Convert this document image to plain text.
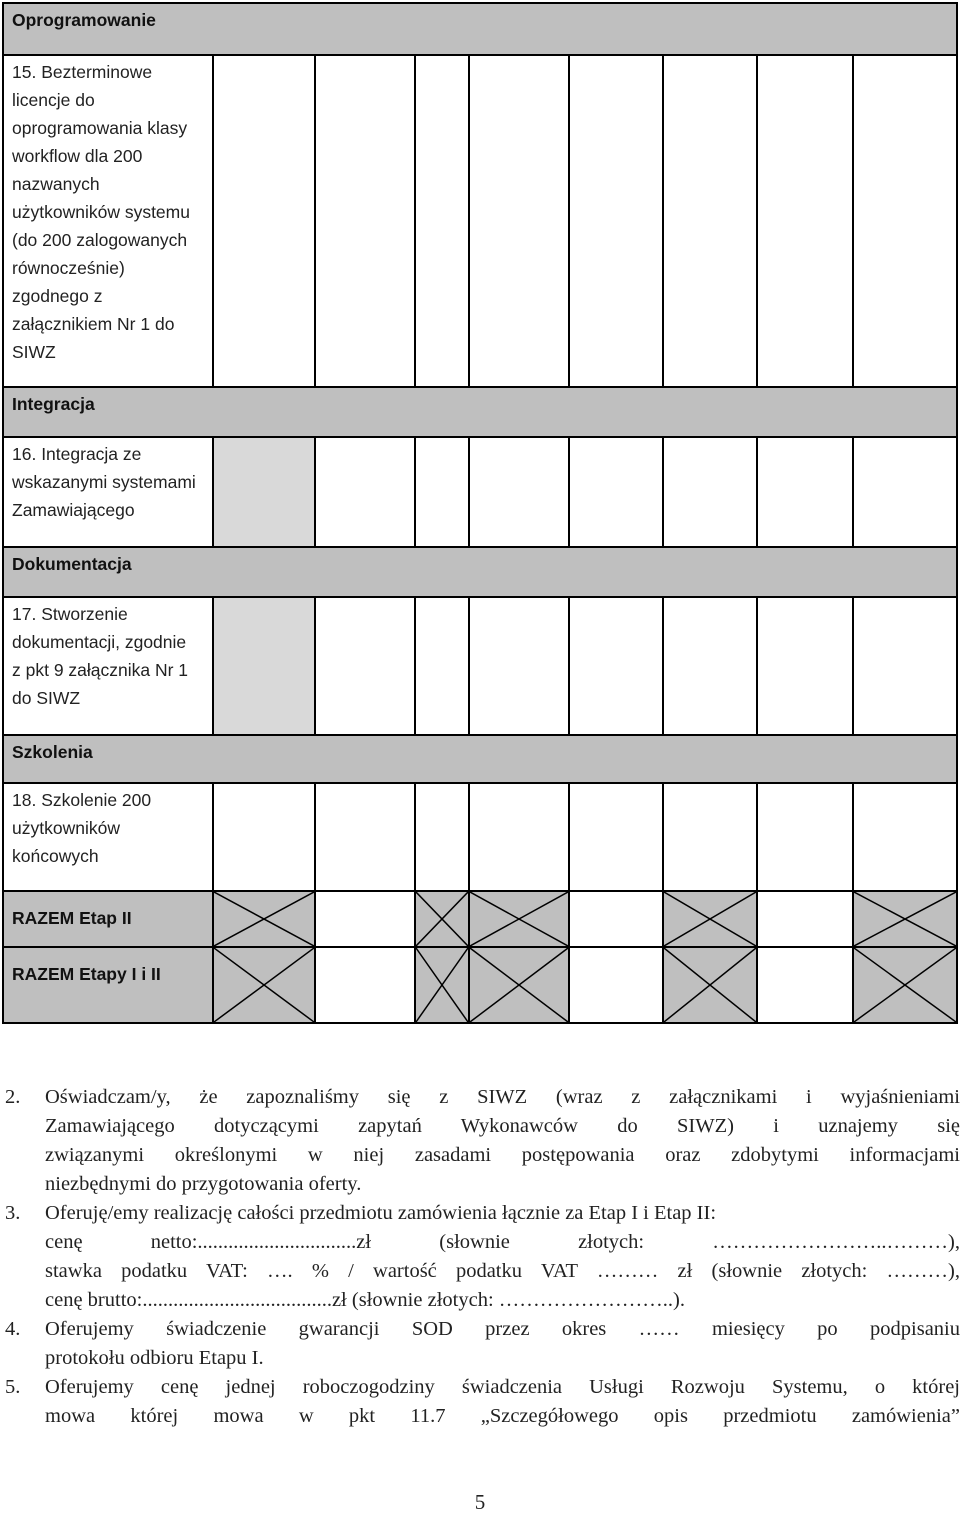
Oprogramowanie
15. Bezterminowe
licencje do
oprogramowania klasy
workflow dla 200
nazwanych
użytkowników systemu
(do 200 zalogowanych
równocześnie)
zgodnego z
załącznikiem Nr 1 do
SIWZ
Integracja
16. Integracja ze
wskazanymi systemami
Zamawiającego
Dokumentacja
17. Stworzenie
dokumentacji, zgodnie
z pkt 9 załącznika Nr 1
do SIWZ
Szkolenia
18. Szkolenie 200
użytkowników
końcowych
RAZEM Etap II
RAZEM Etapy I i II
2. Oświadczam/y, że zapoznaliśmy się z SIWZ (wraz z załącznikami i wyjaśnieniami
Zamawiającego dotyczącymi zapytań Wykonawców do SIWZ) i uznajemy się
związanymi określonymi w niej zasadami postępowania oraz zdobytymi informacjami
niezbędnymi do przygotowania oferty.
3. Oferuję/emy realizację całości przedmiotu zamówienia łącznie za Etap I i Etap II:
cenę netto:...............................zł (słownie złotych: ……………………..………),
stawka podatku VAT: …. % / wartość podatku VAT ……… zł (słownie złotych: ………),
cenę brutto:.....................................zł (słownie złotych: ……………………..).
4. Oferujemy świadczenie gwarancji SOD przez okres …… miesięcy po podpisaniu
protokołu odbioru Etapu I.
5. Oferujemy cenę jednej roboczogodziny świadczenia Usługi Rozwoju Systemu, o której
mowa której mowa w pkt 11.7 „Szczegółowego opis przedmiotu zamówienia”
5
